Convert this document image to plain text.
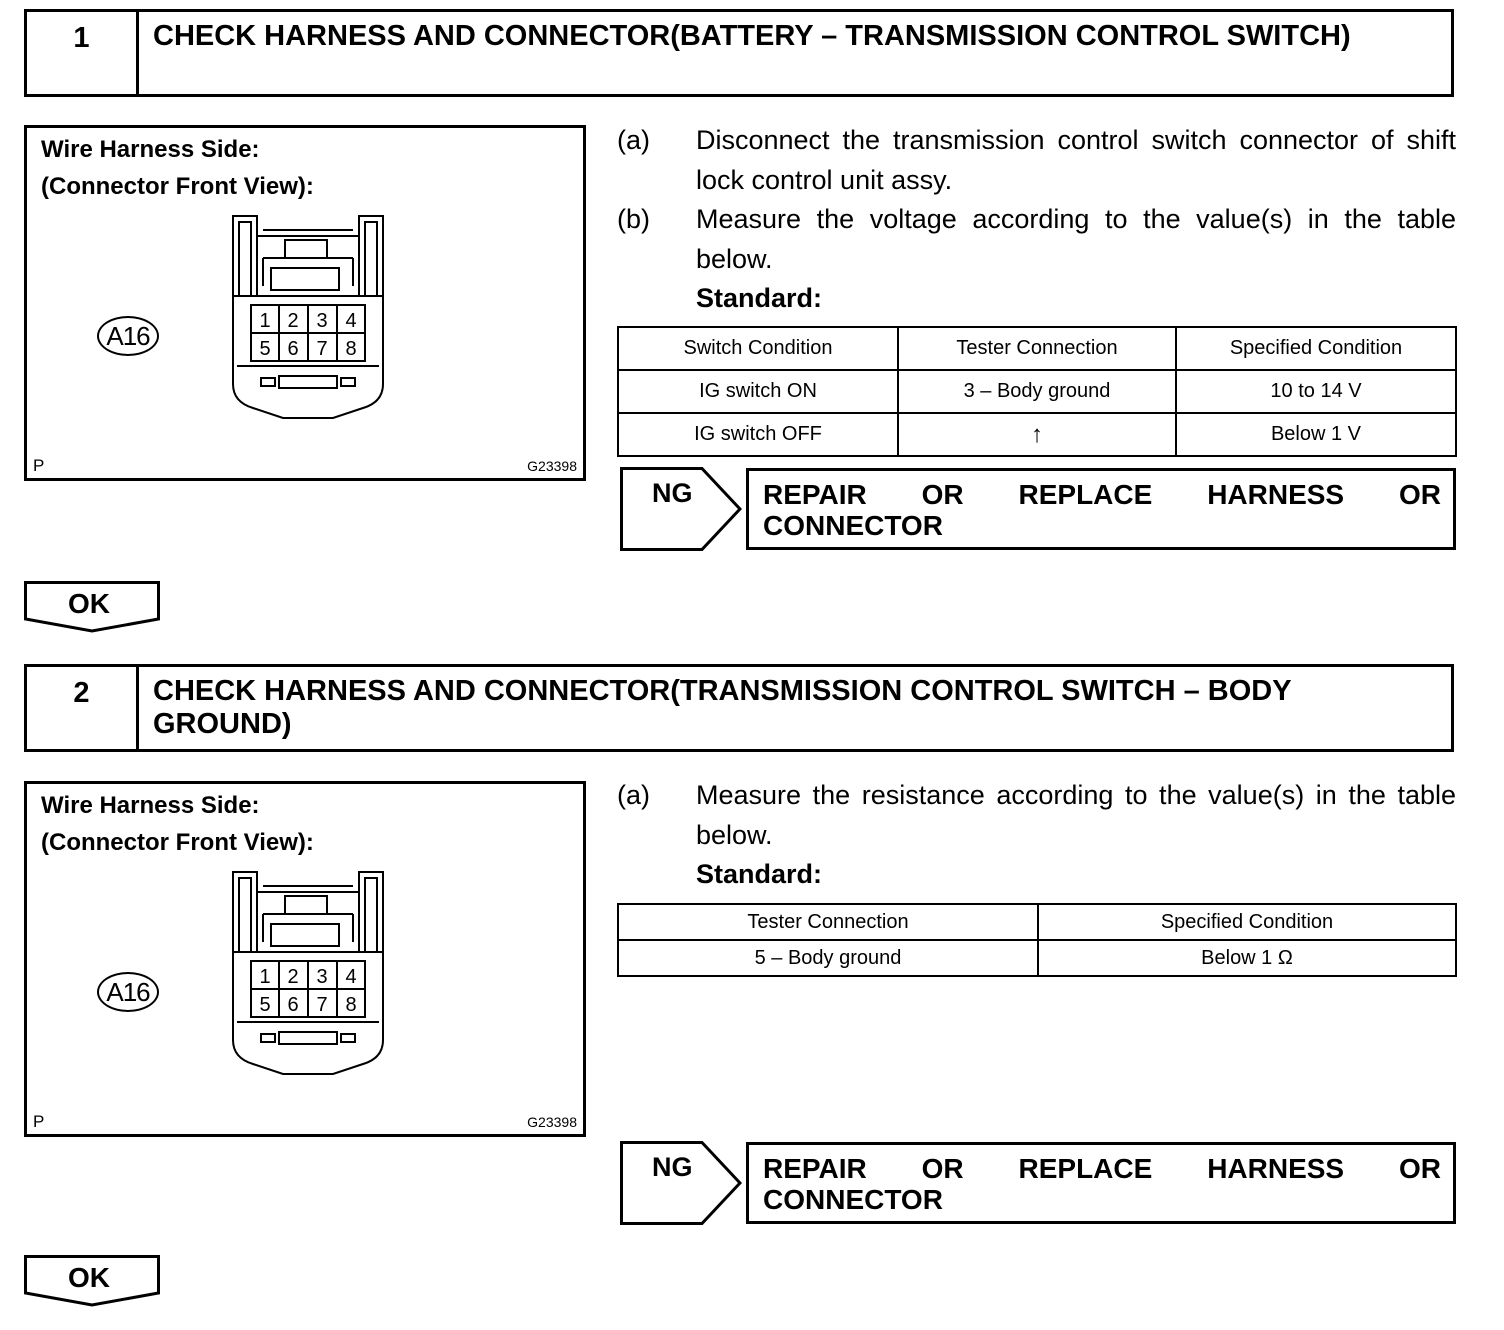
1	CHECK HARNESS AND CONNECTOR(BATTERY – TRANSMISSION CONTROL SWITCH)
Wire Harness Side:
(Connector Front View):
A16	1 2 3 4
5 6 7 8
P	G23398
(a)	Disconnect the transmission control switch connector of shift lock control unit assy.
(b)	Measure the voltage according to the value(s) in the table below.
Standard:
Switch Condition	Tester Connection	Specified Condition
IG switch ON	3 – Body ground	10 to 14 V
IG switch OFF	↑	Below 1 V
NG	REPAIR OR REPLACE HARNESS OR
CONNECTOR
OK
2	CHECK HARNESS AND CONNECTOR(TRANSMISSION CONTROL SWITCH – BODY GROUND)
Wire Harness Side:
(Connector Front View):
A16	1 2 3 4
5 6 7 8
P	G23398
(a)	Measure the resistance according to the value(s) in the table below.
Standard:
Tester Connection	Specified Condition
5 – Body ground	Below 1 Ω
NG	REPAIR OR REPLACE HARNESS OR
CONNECTOR
OK
